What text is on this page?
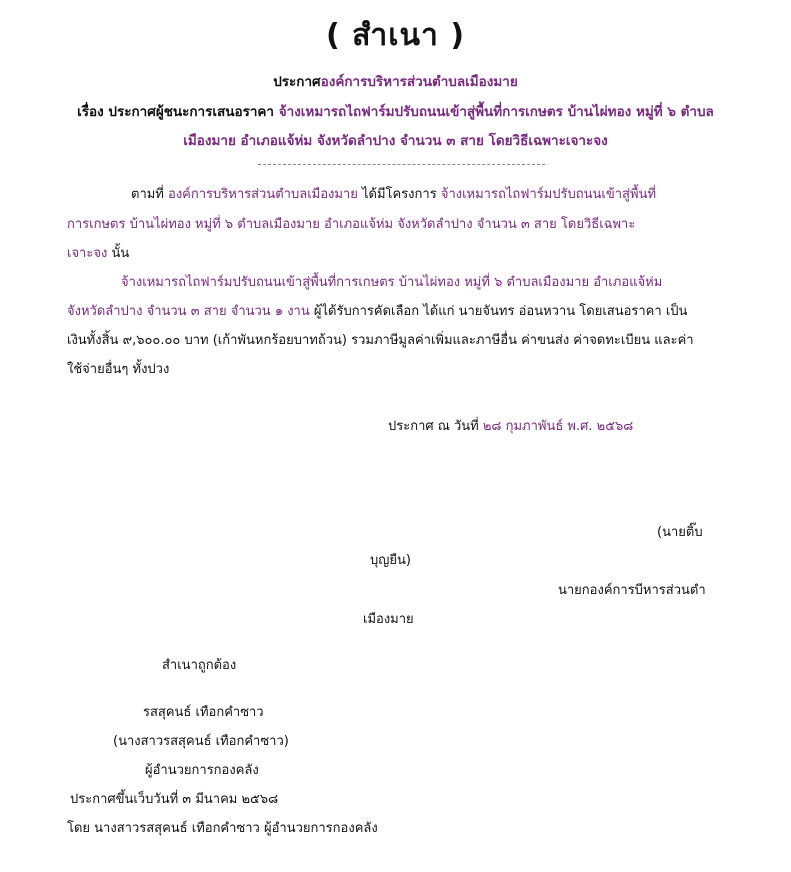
( สำเนา )
ประกาศองค์การบริหารส่วนตำบลเมืองมาย
เรื่อง ประกาศผู้ชนะการเสนอราคา จ้างเหมารถไถฟาร์มปรับถนนเข้าสู่พื้นที่การเกษตร บ้านไผ่ทอง หมู่ที่ ๖ ตำบล
เมืองมาย อำเภอแจ้ห่ม จังหวัดลำปาง จำนวน ๓ สาย โดยวิธีเฉพาะเจาะจง
ตามที่ องค์การบริหารส่วนตำบลเมืองมาย ได้มีโครงการ จ้างเหมารถไถฟาร์มปรับถนนเข้าสู่พื้นที่
การเกษตร บ้านไผ่ทอง หมู่ที่ ๖ ตำบลเมืองมาย อำเภอแจ้ห่ม จังหวัดลำปาง จำนวน ๓ สาย โดยวิธีเฉพาะ
เจาะจง นั้น
จ้างเหมารถไถฟาร์มปรับถนนเข้าสู่พื้นที่การเกษตร บ้านไผ่ทอง หมู่ที่ ๖ ตำบลเมืองมาย อำเภอแจ้ห่ม
จังหวัดลำปาง จำนวน ๓ สาย จำนวน ๑ งาน ผู้ได้รับการคัดเลือก ได้แก่ นายจันทร อ่อนหวาน โดยเสนอราคา เป็น
เงินทั้งสิ้น ๙,๖๐๐.๐๐ บาท (เก้าพันหกร้อยบาทถ้วน) รวมภาษีมูลค่าเพิ่มและภาษีอื่น ค่าขนส่ง ค่าจดทะเบียน และค่า
ใช้จ่ายอื่นๆ ทั้งปวง
ประกาศ ณ วันที่ ๒๘ กุมภาพันธ์ พ.ศ. ๒๕๖๘
(นายติ๊บ
บุญยืน)
นายกองค์การบีหารส่วนตำ
เมืองมาย
สำเนาถูกต้อง
รสสุคนธ์ เทือกคำซาว
(นางสาวรสสุคนธ์ เทือกคำซาว)
ผู้อำนวยการกองคลัง
ประกาศขึ้นเว็บวันที่ ๓ มีนาคม ๒๕๖๘
โดย นางสาวรสสุคนธ์ เทือกคำซาว ผู้อำนวยการกองคลัง
